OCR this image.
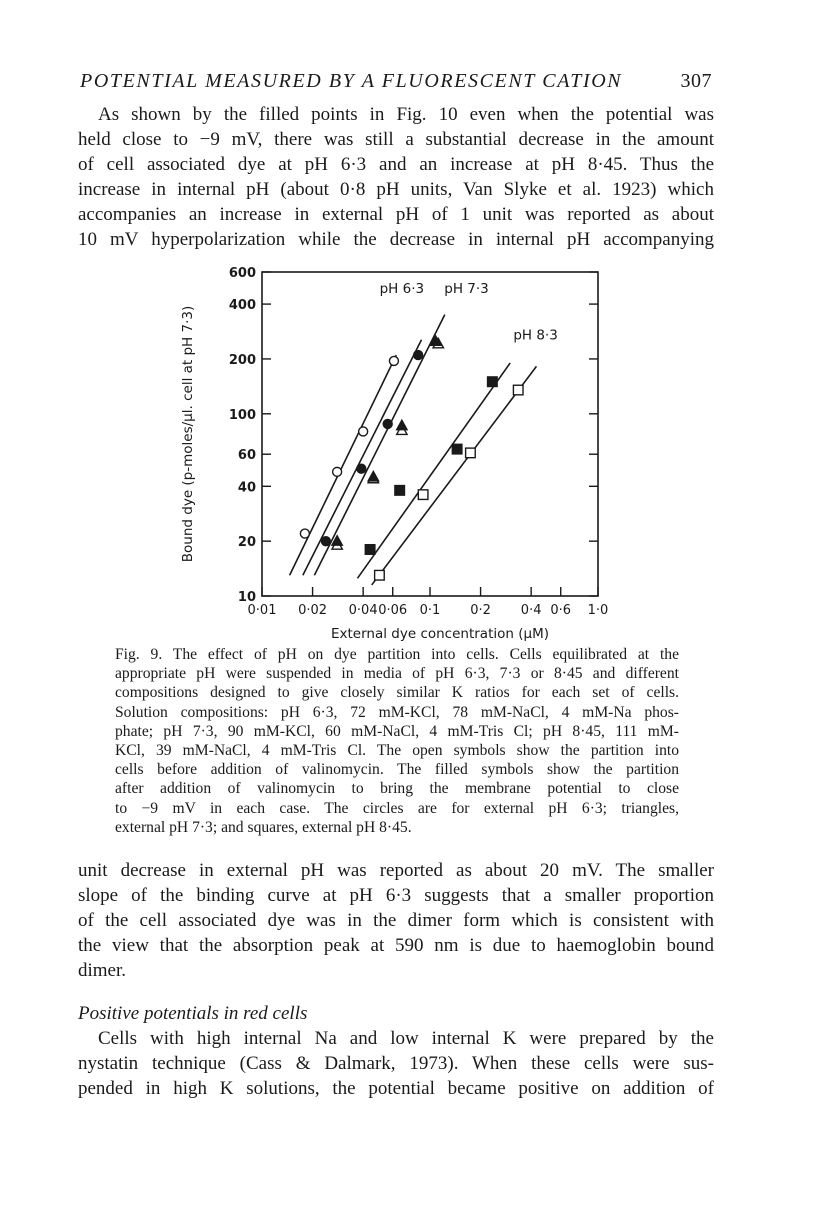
POTENTIAL MEASURED BY A FLUORESCENT CATION	307
As shown by the filled points in Fig. 10 even when the potential was
held close to −9 mV, there was still a substantial decrease in the amount
of cell associated dye at pH 6·3 and an increase at pH 8·45. Thus the
increase in internal pH (about 0·8 pH units, Van Slyke et al. 1923) which
accompanies an increase in external pH of 1 unit was reported as about
10 mV hyperpolarization while the decrease in internal pH accompanying
0·01 0·02 0·04 0·06 0·1 0·2 0·4 0·6 1·0
10
20
40
60
100
200
400
600
External dye concentration (μM)
Bound dye (p-moles/μl. cell at pH 7·3)
pH 6·3 pH 7·3
pH 8·3
Fig. 9. The effect of pH on dye partition into cells. Cells equilibrated at the
appropriate pH were suspended in media of pH 6·3, 7·3 or 8·45 and different
compositions designed to give closely similar K ratios for each set of cells.
Solution compositions: pH 6·3, 72 mM-KCl, 78 mM-NaCl, 4 mM-Na phos-
phate; pH 7·3, 90 mM-KCl, 60 mM-NaCl, 4 mM-Tris Cl; pH 8·45, 111 mM-
KCl, 39 mM-NaCl, 4 mM-Tris Cl. The open symbols show the partition into
cells before addition of valinomycin. The filled symbols show the partition
after addition of valinomycin to bring the membrane potential to close
to −9 mV in each case. The circles are for external pH 6·3; triangles,
external pH 7·3; and squares, external pH 8·45.
unit decrease in external pH was reported as about 20 mV. The smaller
slope of the binding curve at pH 6·3 suggests that a smaller proportion
of the cell associated dye was in the dimer form which is consistent with
the view that the absorption peak at 590 nm is due to haemoglobin bound
dimer.
Positive potentials in red cells
Cells with high internal Na and low internal K were prepared by the
nystatin technique (Cass & Dalmark, 1973). When these cells were sus-
pended in high K solutions, the potential became positive on addition of
